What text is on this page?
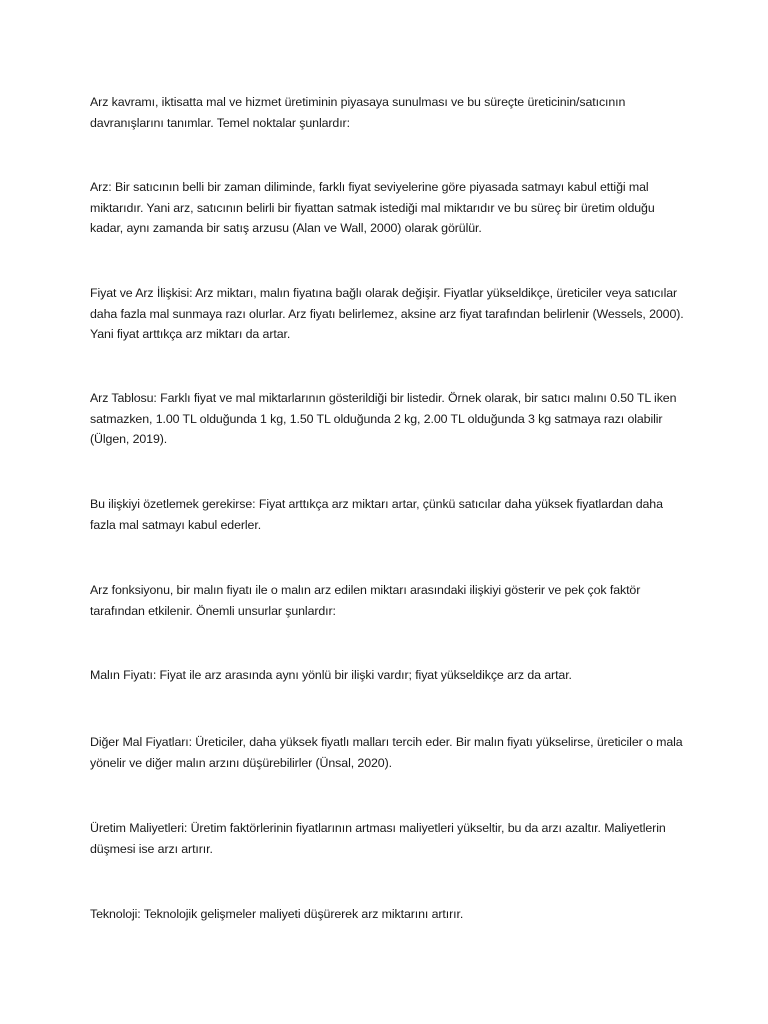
Arz kavramı, iktisatta mal ve hizmet üretiminin piyasaya sunulması ve bu süreçte üreticinin/satıcının davranışlarını tanımlar. Temel noktalar şunlardır:

Arz: Bir satıcının belli bir zaman diliminde, farklı fiyat seviyelerine göre piyasada satmayı kabul ettiği mal miktarıdır. Yani arz, satıcının belirli bir fiyattan satmak istediği mal miktarıdır ve bu süreç bir üretim olduğu kadar, aynı zamanda bir satış arzusu (Alan ve Wall, 2000) olarak görülür.

Fiyat ve Arz İlişkisi: Arz miktarı, malın fiyatına bağlı olarak değişir. Fiyatlar yükseldikçe, üreticiler veya satıcılar daha fazla mal sunmaya razı olurlar. Arz fiyatı belirlemez, aksine arz fiyat tarafından belirlenir (Wessels, 2000). Yani fiyat arttıkça arz miktarı da artar.

Arz Tablosu: Farklı fiyat ve mal miktarlarının gösterildiği bir listedir. Örnek olarak, bir satıcı malını 0.50 TL iken satmazken, 1.00 TL olduğunda 1 kg, 1.50 TL olduğunda 2 kg, 2.00 TL olduğunda 3 kg satmaya razı olabilir (Ülgen, 2019).

Bu ilişkiyi özetlemek gerekirse: Fiyat arttıkça arz miktarı artar, çünkü satıcılar daha yüksek fiyatlardan daha fazla mal satmayı kabul ederler.

Arz fonksiyonu, bir malın fiyatı ile o malın arz edilen miktarı arasındaki ilişkiyi gösterir ve pek çok faktör tarafından etkilenir. Önemli unsurlar şunlardır:

Malın Fiyatı: Fiyat ile arz arasında aynı yönlü bir ilişki vardır; fiyat yükseldikçe arz da artar.

Diğer Mal Fiyatları: Üreticiler, daha yüksek fiyatlı malları tercih eder. Bir malın fiyatı yükselirse, üreticiler o mala yönelir ve diğer malın arzını düşürebilirler (Ünsal, 2020).

Üretim Maliyetleri: Üretim faktörlerinin fiyatlarının artması maliyetleri yükseltir, bu da arzı azaltır. Maliyetlerin düşmesi ise arzı artırır.

Teknoloji: Teknolojik gelişmeler maliyeti düşürerek arz miktarını artırır.
